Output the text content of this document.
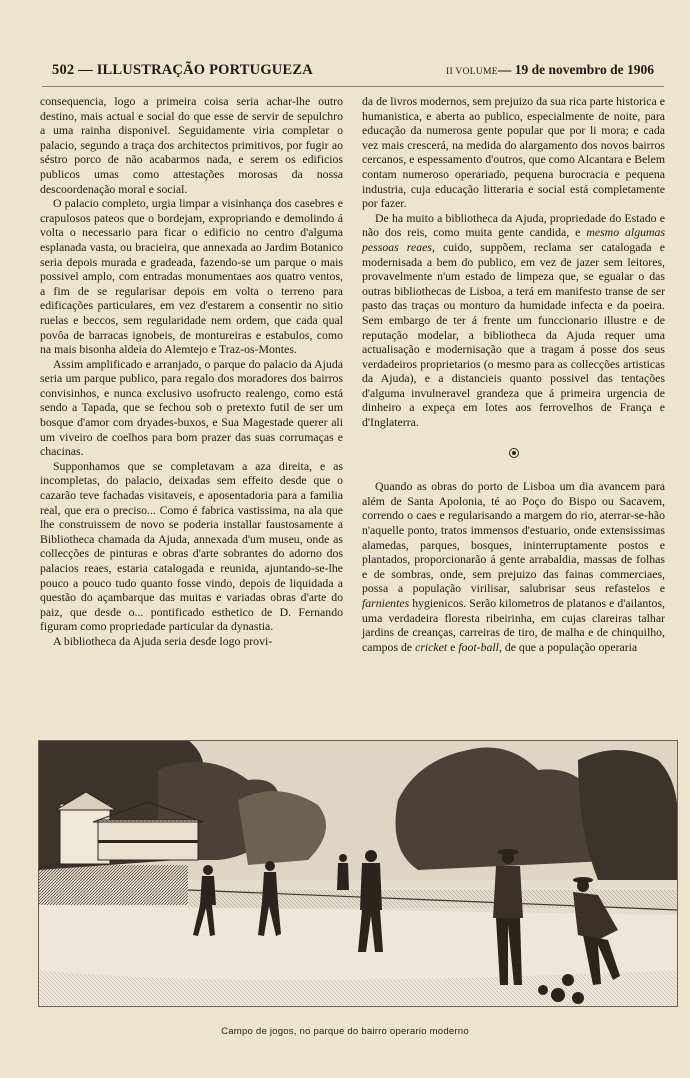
502 — ILLUSTRAÇÃO PORTUGUEZA	II VOLUME— 19 de novembro de 1906

consequencia, logo a primeira coisa seria achar-lhe outro destino, mais actual e social do que esse de servir de sepulchro a uma rainha disponivel. Seguidamente viria completar o palacio, segundo a traça dos architectos primitivos, por fugir ao séstro porco de não acabarmos nada, e serem os edificios publicos umas como attestações morosas da nossa descoordenação moral e social.

O palacio completo, urgia limpar a visinhança dos casebres e crapulosos pateos que o bordejam, expropriando e demolindo á volta o necessario para ficar o edificio no centro d'alguma esplanada vasta, ou bracieira, que annexada ao Jardim Botanico seria depois murada e gradeada, fazendo-se um parque o mais possivel amplo, com entradas monumentaes aos quatro ventos, a fim de se regularisar depois em volta o terreno para edificações particulares, em vez d'estarem a consentir no sitio ruelas e beccos, sem regularidade nem ordem, que cada qual povôa de barracas ignobeis, de montureiras e estabulos, como na mais bisonha aldeia do Alemtejo e Traz-os-Montes.

Assim amplificado e arranjado, o parque do palacio da Ajuda seria um parque publico, para regalo dos moradores dos bairros convisinhos, e nunca exclusivo usofructo realengo, como está sendo a Tapada, que se fechou sob o pretexto futil de ser um bosque d'amor com dryades-buxos, e Sua Magestade querer ali um viveiro de coelhos para bom prazer das suas corrumaças e chacinas.

Supponhamos que se completavam a aza direita, e as incompletas, do palacio, deixadas sem effeito desde que o cazarão teve fachadas visitaveis, e aposentadoria para a familia real, que era o preciso... Como é fabrica vastissima, na ala que lhe construissem de novo se poderia installar faustosamente a Bibliotheca chamada da Ajuda, annexada d'um museu, onde as collecções de pinturas e obras d'arte sobrantes do adorno dos palacios reaes, estaria catalogada e reunida, ajuntando-se-lhe pouco a pouco tudo quanto fosse vindo, depois de liquidada a questão do açambarque das muitas e variadas obras d'arte do paiz, que desde o... pontificado esthetico de D. Fernando figuram como propriedade particular da dynastia.

A bibliotheca da Ajuda seria desde logo provi-

da de livros modernos, sem prejuizo da sua rica parte historica e humanistica, e aberta ao publico, especialmente de noite, para educação da numerosa gente popular que por li mora; e cada vez mais crescerá, na medida do alargamento dos novos bairros cercanos, e espessamento d'outros, que como Alcantara e Belem contam numeroso operariado, pequena burocracia e pequena industria, cuja educação litteraria e social está completamente por fazer.

De ha muito a bibliotheca da Ajuda, propriedade do Estado e não dos reis, como muita gente candida, e mesmo algumas pessoas reaes, cuido, suppõem, reclama ser catalogada e modernisada a bem do publico, em vez de jazer sem leitores, provavelmente n'um estado de limpeza que, se egualar o das outras bibliothecas de Lisboa, a terá em manifesto transe de ser pasto das traças ou monturo da humidade infecta e da poeira. Sem embargo de ter á frente um funccionario illustre e de reputação modelar, a bibliotheca da Ajuda requer uma actualisação e modernisação que a tragam á posse dos seus verdadeiros proprietarios (o mesmo para as collecções artisticas da Ajuda), e a distancieis quanto possivel das tentações d'alguma invulneravel grandeza que á primeira urgencia de dinheiro a expeça em lotes aos ferrovelhos de França e d'Inglaterra.

Quando as obras do porto de Lisboa um dia avancem para além de Santa Apolonia, té ao Poço do Bispo ou Sacavem, correndo o caes e regularisando a margem do rio, aterrar-se-hão n'aquelle ponto, tratos immensos d'estuario, onde extensissimas alamedas, parques, bosques, ininterruptamente postos e plantados, proporcionarão á gente arrabaldia, massas de folhas e de sombras, onde, sem prejuizo das fainas commerciaes, possa a população virilisar, salubrisar seus refastelos e farnientes hygienicos. Serão kilometros de platanos e d'ailantos, uma verdadeira floresta ribeirinha, em cujas clareiras talhar jardins de creanças, carreiras de tiro, de malha e de chinquilho, campos de cricket e foot-ball, de que a população operaria

Campo de jogos, no parque do bairro operario moderno
